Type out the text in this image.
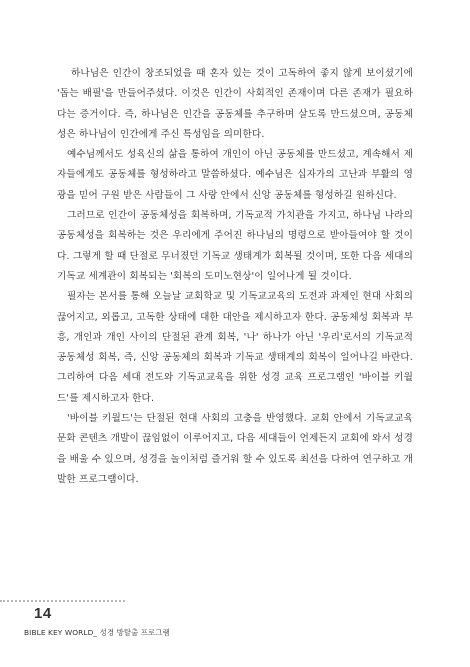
하나님은 인간이 창조되었을 때 혼자 있는 것이 고독하여 좋지 않게 보이셨기에 '돕는 배필'을 만들어주셨다. 이것은 인간이 사회적인 존재이며 다른 존재가 필요하다는 증거이다. 즉, 하나님은 인간을 공동체를 추구하며 살도록 만드셨으며, 공동체성은 하나님이 인간에게 주신 특성임을 의미한다.

예수님께서도 성육신의 삶을 통하여 개인이 아닌 공동체를 만드셨고, 계속해서 제자들에게도 공동체를 형성하라고 말씀하셨다. 예수님은 십자가의 고난과 부활의 영광을 믿어 구원 받은 사람들이 그 사랑 안에서 신앙 공동체를 형성하길 원하신다.

그러므로 인간이 공동체성을 회복하며, 기독교적 가치관을 가지고, 하나님 나라의 공동체성을 회복하는 것은 우리에게 주어진 하나님의 명령으로 받아들여야 할 것이다. 그렇게 할 때 단절로 무너졌던 기독교 생태계가 회복될 것이며, 또한 다음 세대의 기독교 세계관이 회복되는 '회복의 도미노현상'이 일어나게 될 것이다.

필자는 본서를 통해 오늘날 교회학교 및 기독교교육의 도전과 과제인 현대 사회의 끊어지고, 외롭고, 고독한 상태에 대한 대안을 제시하고자 한다. 공동체성 회복과 부흥, 개인과 개인 사이의 단절된 관계 회복, '나' 하나가 아닌 '우리'로서의 기독교적 공동체성 회복, 즉, 신앙 공동체의 회복과 기독교 생태계의 회복이 일어나길 바란다. 그리하여 다음 세대 전도와 기독교교육을 위한 성경 교육 프로그램인 '바이블 키월드'를 제시하고자 한다.

'바이블 키월드'는 단절된 현대 사회의 고충을 반영했다. 교회 안에서 기독교교육 문화 콘텐츠 개발이 끊임없이 이루어지고, 다음 세대들이 언제든지 교회에 와서 성경을 배울 수 있으며, 성경을 놀이처럼 즐거워 할 수 있도록 최선을 다하여 연구하고 개발한 프로그램이다.

14
BIBLE KEY WORLD_ 성경 방탈출 프로그램
